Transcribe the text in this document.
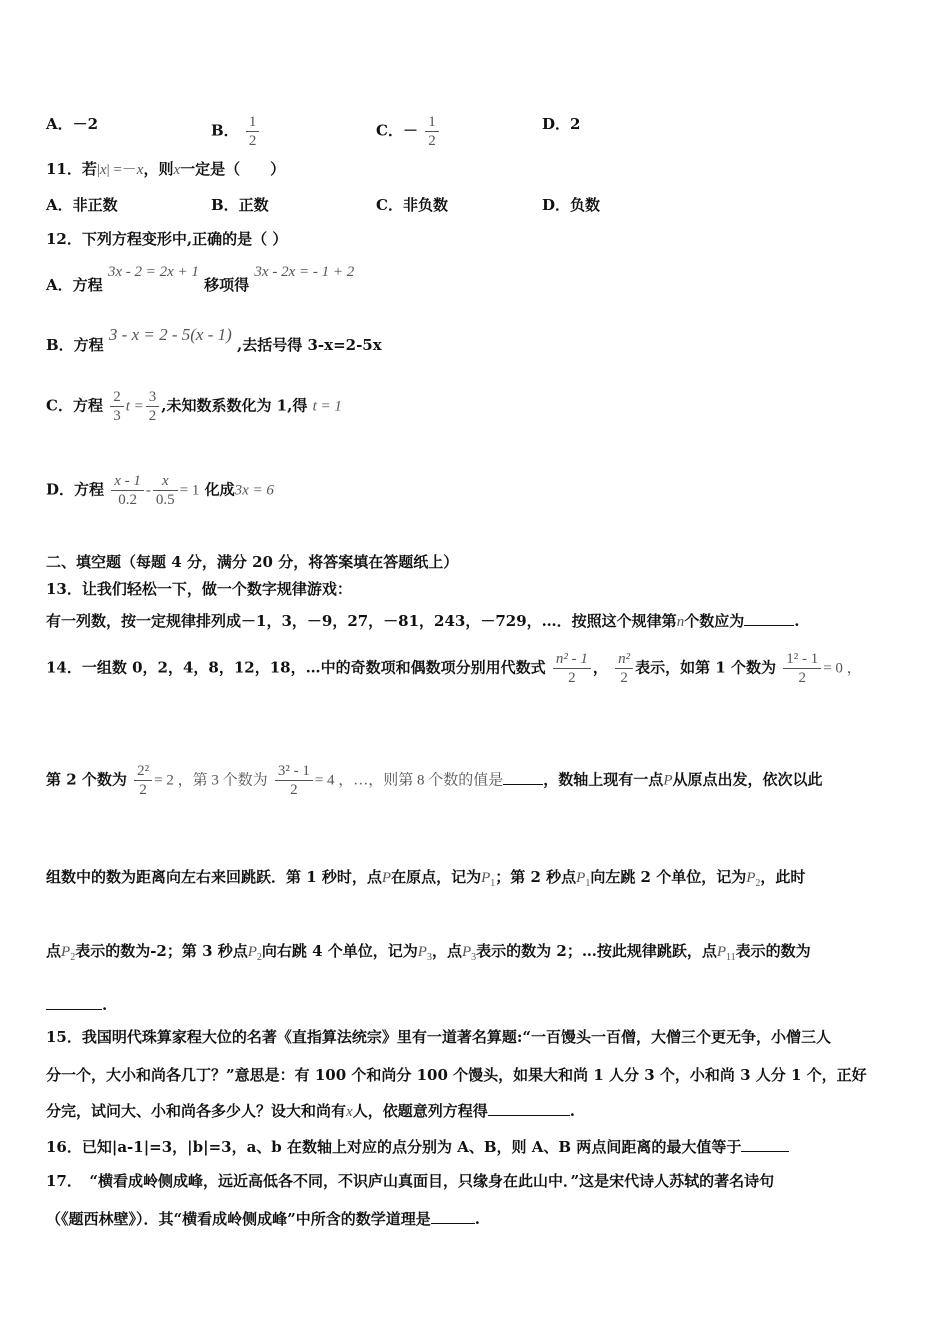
A．－2	B． $\frac{1}{2}$	C．－ $\frac{1}{2}$	D．2
11．若|x| =－x，则x一定是（　　）
A．非正数	B．正数	C．非负数	D．负数
12．下列方程变形中,正确的是（ ）
A．方程 3x - 2 = 2x + 1 移项得 3x - 2x = - 1 + 2
B．方程 3 - x = 2 - 5(x - 1) ,去括号得 3-x=2-5x
C．方程 $\frac{2}{3}$ $t = \frac{3}{2}$ ,未知数系数化为 1,得 t = 1
D．方程 $\frac{x - 1}{0.2} - \frac{x}{0.5} = 1$ 化成3x = 6
二、填空题（每题 4 分，满分 20 分，将答案填在答题纸上）
13．让我们轻松一下，做一个数字规律游戏：
有一列数，按一定规律排列成－1，3，－9，27，－81，243，－729，…．按照这个规律第n个数应为	.
14．一组数 0，2，4，8，12，18，…中的奇数项和偶数项分别用代数式 $\frac{\text{n² - 1}}{2}$ ， $\frac{\text{n²}}{2}$ 表示，如第 1 个数为 $\frac{\text{1² - 1}}{2} = 0$ ，
第 2 个数为 $\frac{\text{2²}}{2} = 2$ ，第 3 个数为 $\frac{\text{3² - 1}}{2} = 4$ ，…，则第 8 个数的值是	，数轴上现有一点P从原点出发，依次以此
组数中的数为距离向左右来回跳跃．第 1 秒时，点P在原点，记为$P_1$；第 2 秒点$P_1$向左跳 2 个单位，记为$P_2$，此时
点$P_2$表示的数为-2；第 3 秒点$P_2$向右跳 4 个单位，记为$P_3$，点$P_3$表示的数为 2；…按此规律跳跃，点$P_{11}$表示的数为
.
15．我国明代珠算家程大位的名著《直指算法统宗》里有一道著名算题:“一百馒头一百僧，大僧三个更无争，小僧三人
分一个，大小和尚各几丁？”意思是：有 100 个和尚分 100 个馒头，如果大和尚 1 人分 3 个，小和尚 3 人分 1 个，正好
分完，试问大、小和尚各多少人？设大和尚有x人，依题意列方程得	.
16．已知|a-1|=3，|b|=3，a、b 在数轴上对应的点分别为 A、B，则 A、B 两点间距离的最大值等于
17．　“横看成岭侧成峰，远近高低各不同，不识庐山真面目，只缘身在此山中．”这是宋代诗人苏轼的著名诗句
（《题西林壁》）．其“横看成岭侧成峰”中所含的数学道理是	.
